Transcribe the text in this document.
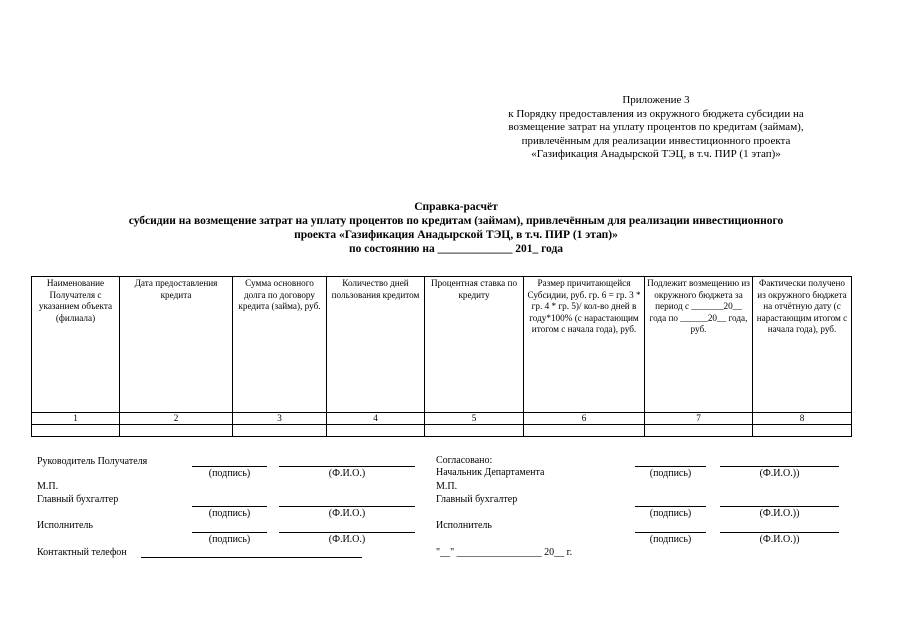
Приложение 3
к Порядку предоставления из окружного бюджета субсидии на
возмещение затрат на уплату процентов по кредитам (займам),
привлечённым для реализации инвестиционного проекта
«Газификация Анадырской ТЭЦ, в т.ч. ПИР (1 этап)»
Справка-расчёт
субсидии на возмещение затрат на уплату процентов по кредитам (займам), привлечённым для реализации инвестиционного
проекта «Газификация Анадырской ТЭЦ, в т.ч. ПИР (1 этап)»
по состоянию на _____________ 201_ года
Наименование Получателя с указанием объекта (филиала)	Дата предоставления кредита	Сумма основного долга по договору кредита (займа), руб.	Количество дней пользования кредитом	Процентная ставка по кредиту	Размер причитающейся Субсидии, руб. гр. 6 = гр. 3 * гр. 4 * гр. 5)/ кол-во дней в году*100% (с нарастающим итогом с начала года), руб.	Подлежит возмещению из окружного бюджета за период с _______20__ года по ______20__ года, руб.	Фактически получено из окружного бюджета на отчётную дату (с нарастающим итогом с начала года), руб.
1	2	3	4	5	6	7	8

Руководитель Получателя
(подпись)	(Ф.И.О.)
М.П.
Главный бухгалтер
(подпись)	(Ф.И.О.)
Исполнитель
(подпись)	(Ф.И.О.)
Контактный телефон
Согласовано:
Начальник Департамента	(подпись)	(Ф.И.О.))
М.П.
Главный бухгалтер
(подпись)	(Ф.И.О.))
Исполнитель
(подпись)	(Ф.И.О.))
"__" _________________ 20__ г.
